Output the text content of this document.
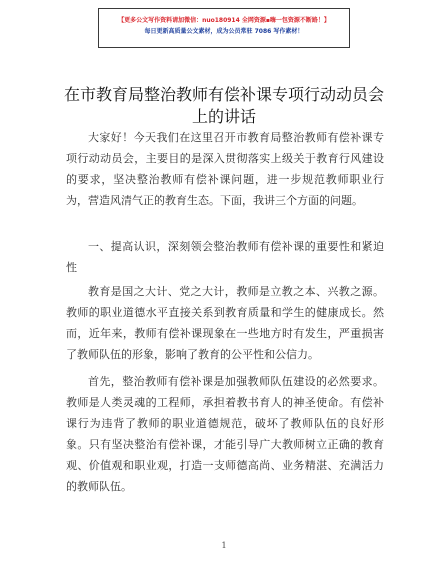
【更多公文写作资料请加微信：nuo180914 全网资源▪嗨一包资源不断路！】
每日更新高质量公文素材，成为公员常驻 7086 写作素材！
在市教育局整治教师有偿补课专项行动动员会上的讲话

大家好！今天我们在这里召开市教育局整治教师有偿补课专项行动动员会，主要目的是深入贯彻落实上级关于教育行风建设的要求，坚决整治教师有偿补课问题，进一步规范教师职业行为，营造风清气正的教育生态。下面，我讲三个方面的问题。

一、提高认识，深刻领会整治教师有偿补课的重要性和紧迫性

教育是国之大计、党之大计，教师是立教之本、兴教之源。教师的职业道德水平直接关系到教育质量和学生的健康成长。然而，近年来，教师有偿补课现象在一些地方时有发生，严重损害了教师队伍的形象，影响了教育的公平性和公信力。

首先，整治教师有偿补课是加强教师队伍建设的必然要求。教师是人类灵魂的工程师，承担着教书育人的神圣使命。有偿补课行为违背了教师的职业道德规范，破坏了教师队伍的良好形象。只有坚决整治有偿补课，才能引导广大教师树立正确的教育观、价值观和职业观，打造一支师德高尚、业务精湛、充满活力的教师队伍。

1
